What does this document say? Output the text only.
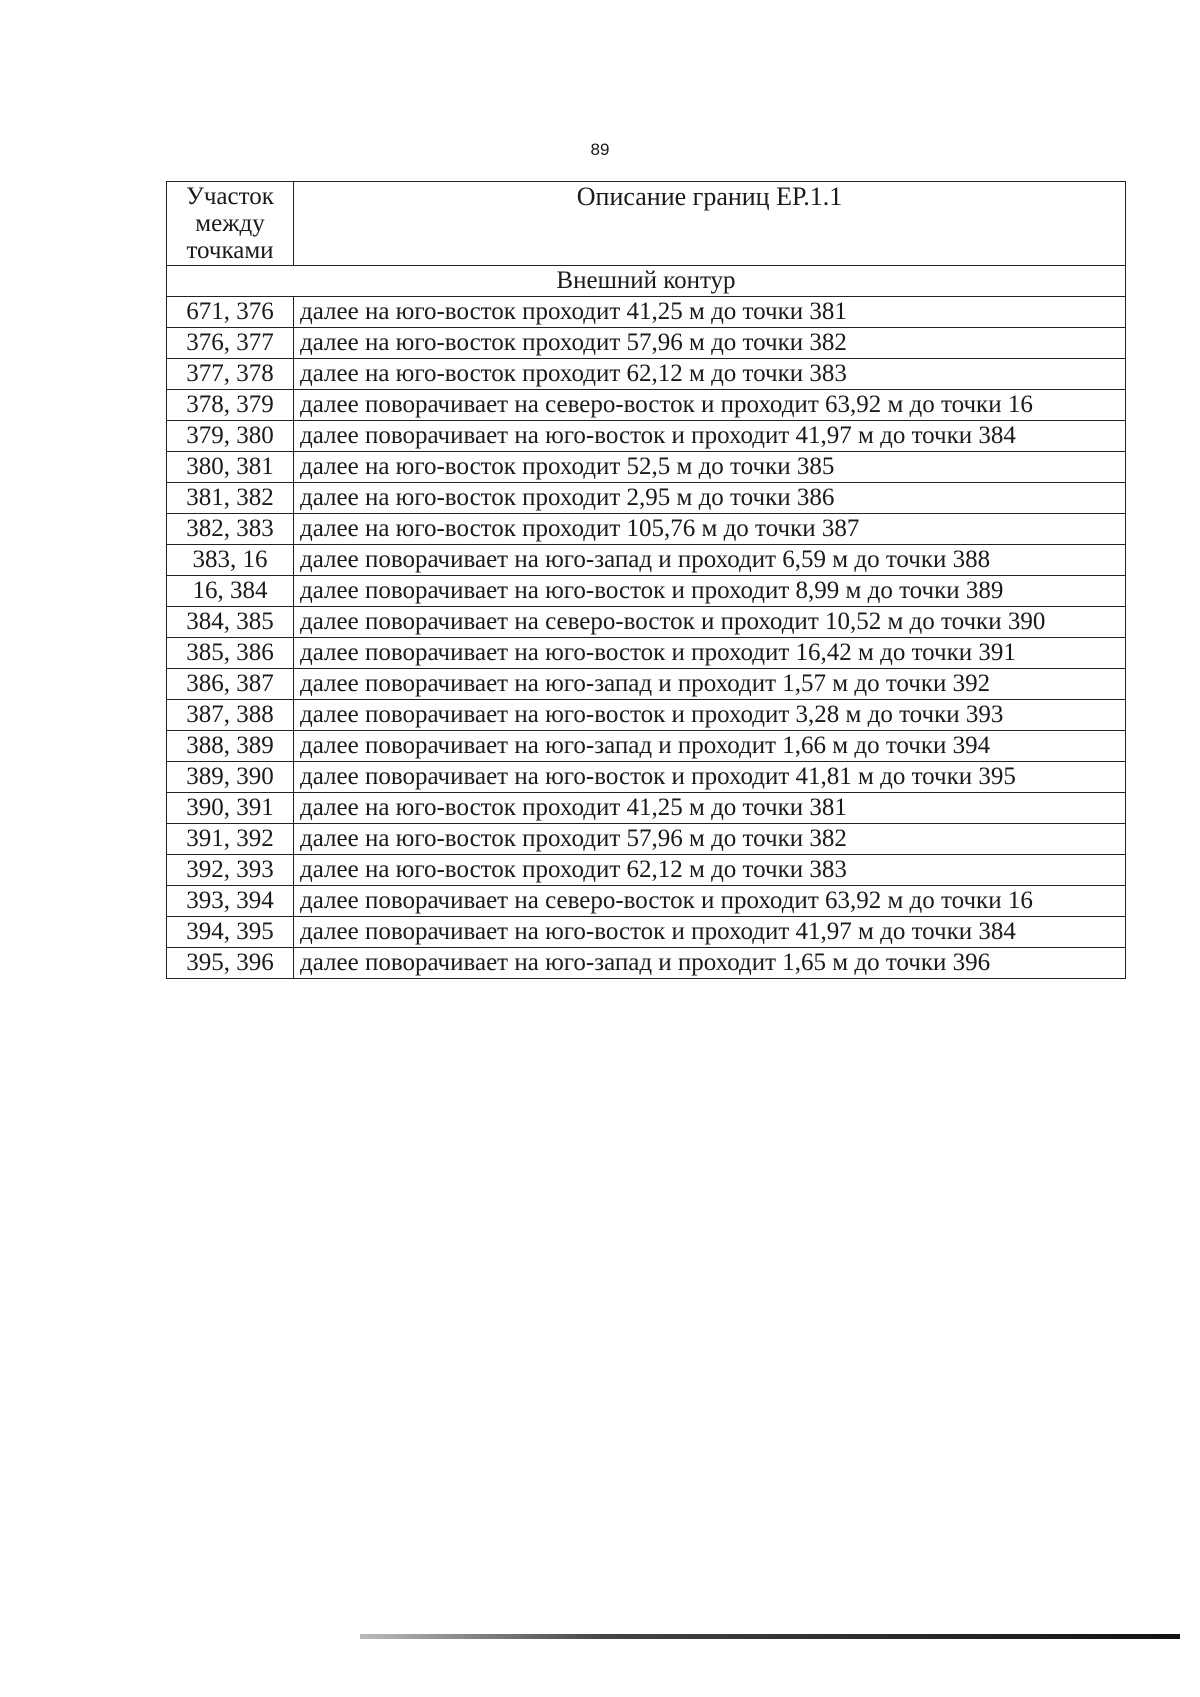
89
Участок между точками	Описание границ ЕР.1.1
Внешний контур	
671, 376	далее на юго-восток проходит 41,25 м до точки 381
376, 377	далее на юго-восток проходит 57,96 м до точки 382
377, 378	далее на юго-восток проходит 62,12 м до точки 383
378, 379	далее поворачивает на северо-восток и проходит 63,92 м до точки 16
379, 380	далее поворачивает на юго-восток и проходит 41,97 м до точки 384
380, 381	далее на юго-восток проходит 52,5 м до точки 385
381, 382	далее на юго-восток проходит 2,95 м до точки 386
382, 383	далее на юго-восток проходит 105,76 м до точки 387
383, 16	далее поворачивает на юго-запад и проходит 6,59 м до точки 388
16, 384	далее поворачивает на юго-восток и проходит 8,99 м до точки 389
384, 385	далее поворачивает на северо-восток и проходит 10,52 м до точки 390
385, 386	далее поворачивает на юго-восток и проходит 16,42 м до точки 391
386, 387	далее поворачивает на юго-запад и проходит 1,57 м до точки 392
387, 388	далее поворачивает на юго-восток и проходит 3,28 м до точки 393
388, 389	далее поворачивает на юго-запад и проходит 1,66 м до точки 394
389, 390	далее поворачивает на юго-восток и проходит 41,81 м до точки 395
390, 391	далее на юго-восток проходит 41,25 м до точки 381
391, 392	далее на юго-восток проходит 57,96 м до точки 382
392, 393	далее на юго-восток проходит 62,12 м до точки 383
393, 394	далее поворачивает на северо-восток и проходит 63,92 м до точки 16
394, 395	далее поворачивает на юго-восток и проходит 41,97 м до точки 384
395, 396	далее поворачивает на юго-запад и проходит 1,65 м до точки 396
